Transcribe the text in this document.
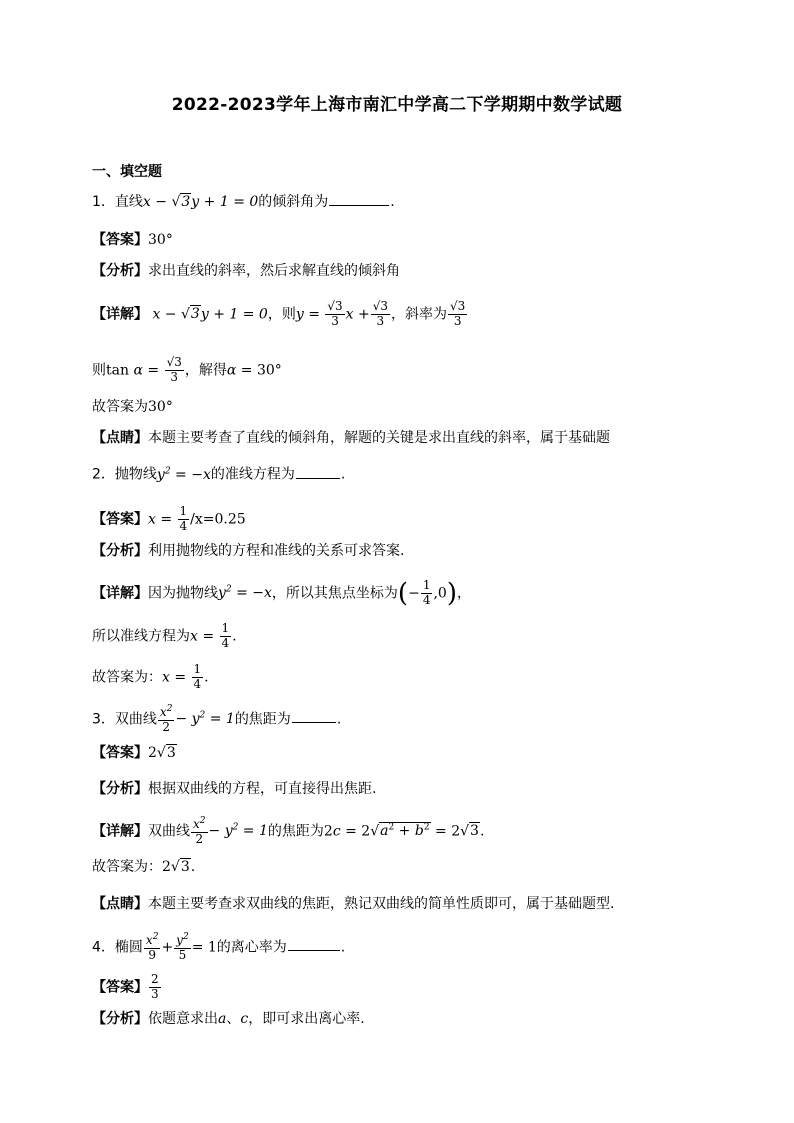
2022-2023学年上海市南汇中学高二下学期期中数学试题
一、填空题
1．直线x − √3y + 1 = 0的倾斜角为	.
【答案】30°
【分析】求出直线的斜率，然后求解直线的倾斜角
【详解】 x − √3y + 1 = 0，则$y = \frac{√3}{3}$ $x + \frac{√3}{3}$ ，斜率为 $\frac{√3}{3}$
则$\tan \alpha = \frac{√3}{3}$ ，解得α = 30°
故答案为30°
【点睛】本题主要考查了直线的倾斜角，解题的关键是求出直线的斜率，属于基础题
2．抛物线$y^2 = -x$的准线方程为	.
【答案】$x = \frac{1}{4} /x=0.25$
【分析】利用抛物线的方程和准线的关系可求答案.
【详解】因为抛物线$y^2 = -x$，所以其焦点坐标为(− $\frac{1}{4} ,0$)，
所以准线方程为$x = \frac{1}{4}$ .
故答案为：$x = \frac{1}{4}$ .
3．双曲线 $\frac{x^2}{2} - y^2 = 1$的焦距为	.
【答案】2√3
【分析】根据双曲线的方程，可直接得出焦距.
【详解】双曲线 $\frac{x^2}{2} - y^2 = 1$的焦距为$2c = 2√a^2 + b^2 = 2√3$.
故答案为：2√3.
【点睛】本题主要考查求双曲线的焦距，熟记双曲线的简单性质即可，属于基础题型.
4．椭圆 $\frac{x^2}{9} + \frac{y^2}{5} = 1$的离心率为	.
【答案】 $\frac{2}{3}$
【分析】依题意求出a、c，即可求出离心率.
